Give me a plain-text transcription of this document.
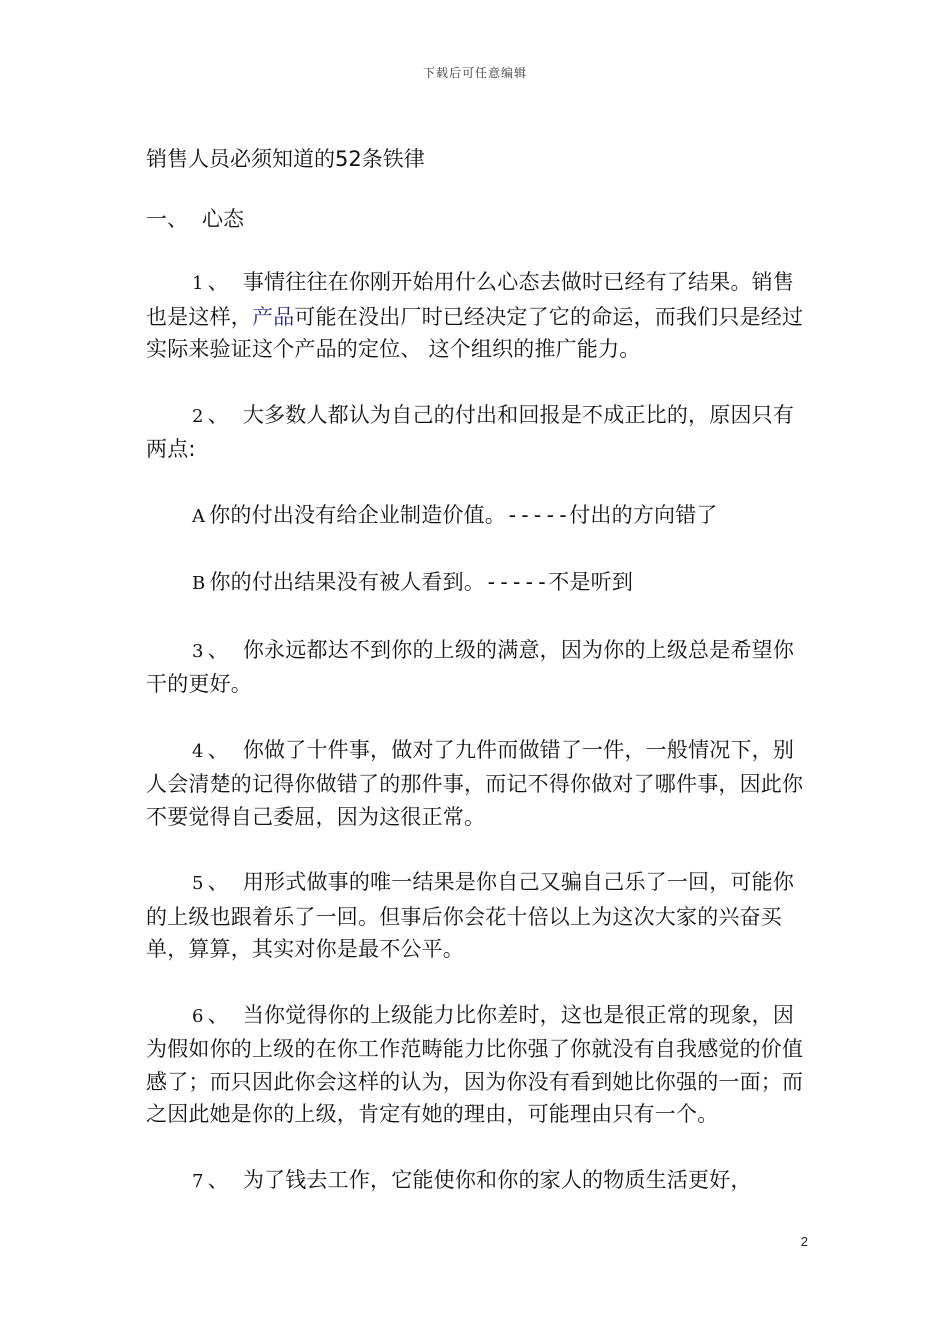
下载后可任意编辑
销售人员必须知道的52条铁律
一、 心态

1 、 事情往往在你刚开始用什么心态去做时已经有了结果。销售也是这样，产品可能在没出厂时已经决定了它的命运，而我们只是经过实际来验证这个产品的定位、 这个组织的推广能力。

2 、 大多数人都认为自己的付出和回报是不成正比的，原因只有两点:

A 你的付出没有给企业制造价值。-----付出的方向错了

B 你的付出结果没有被人看到。-----不是听到

3 、 你永远都达不到你的上级的满意，因为你的上级总是希望你干的更好。

4 、 你做了十件事，做对了九件而做错了一件，一般情况下，别人会清楚的记得你做错了的那件事，而记不得你做对了哪件事，因此你不要觉得自己委屈，因为这很正常。

5 、 用形式做事的唯一结果是你自己又骗自己乐了一回，可能你的上级也跟着乐了一回。但事后你会花十倍以上为这次大家的兴奋买单，算算，其实对你是最不公平。

6 、 当你觉得你的上级能力比你差时，这也是很正常的现象，因为假如你的上级的在你工作范畴能力比你强了你就没有自我感觉的价值感了；而只因此你会这样的认为，因为你没有看到她比你强的一面；而之因此她是你的上级，肯定有她的理由，可能理由只有一个。

7 、 为了钱去工作，它能使你和你的家人的物质生活更好，

2
